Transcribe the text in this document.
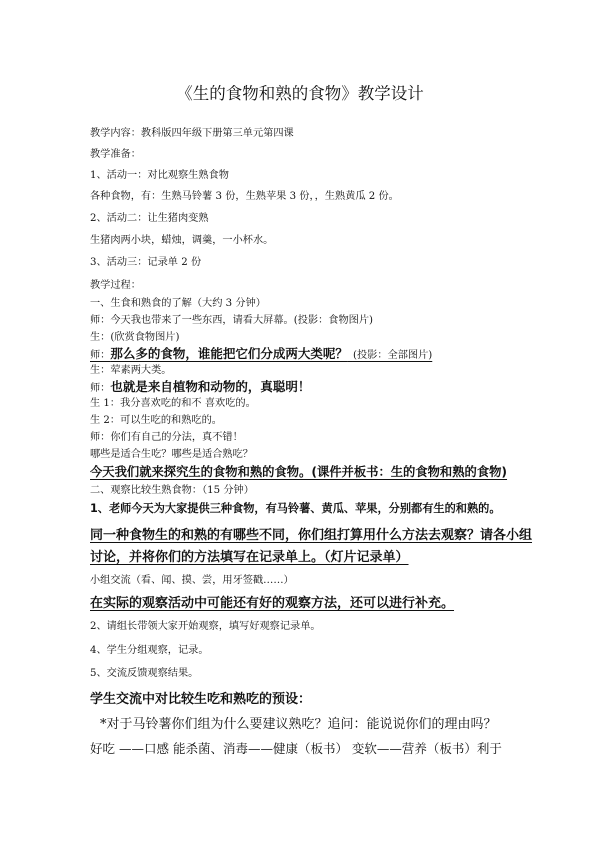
《生的食物和熟的食物》教学设计
教学内容：教科版四年级下册第三单元第四课
教学准备：
1、活动一：对比观察生熟食物
各种食物，有：生熟马铃薯 3 份，生熟苹果 3 份，，生熟黄瓜 2 份。
2、活动二：让生猪肉变熟
生猪肉两小块，蜡烛，调羹，一小杯水。
3、活动三：记录单 2 份
教学过程：
一、生食和熟食的了解（大约 3 分钟）
师：今天我也带来了一些东西，请看大屏幕。(投影：食物图片)
生：(欣赏食物图片)
师：那么多的食物，谁能把它们分成两大类呢？ (投影：全部图片)
生：荤素两大类。
师：也就是来自植物和动物的，真聪明！
生 1：我分喜欢吃的和不 喜欢吃的。
生 2：可以生吃的和熟吃的。
师：你们有自己的分法，真不错！
哪些是适合生吃？哪些是适合熟吃？
今天我们就来探究生的食物和熟的食物。(课件并板书：生的食物和熟的食物)
二、观察比较生熟食物：（15 分钟）
1、老师今天为大家提供三种食物，有马铃薯、黄瓜、苹果，分别都有生的和熟的。
同一种食物生的和熟的有哪些不同，你们组打算用什么方法去观察？请各小组
讨论，并将你们的方法填写在记录单上。（灯片记录单）
小组交流（看、闻、摸、尝，用牙签戳……）
在实际的观察活动中可能还有好的观察方法，还可以进行补充。
2、请组长带领大家开始观察，填写好观察记录单。
4、学生分组观察，记录。
5、交流反馈观察结果。
学生交流中对比较生吃和熟吃的预设：
*对于马铃薯你们组为什么要建议熟吃？追问：能说说你们的理由吗？
好吃 ——口感 能杀菌、消毒——健康（板书） 变软——营养（板书）利于
